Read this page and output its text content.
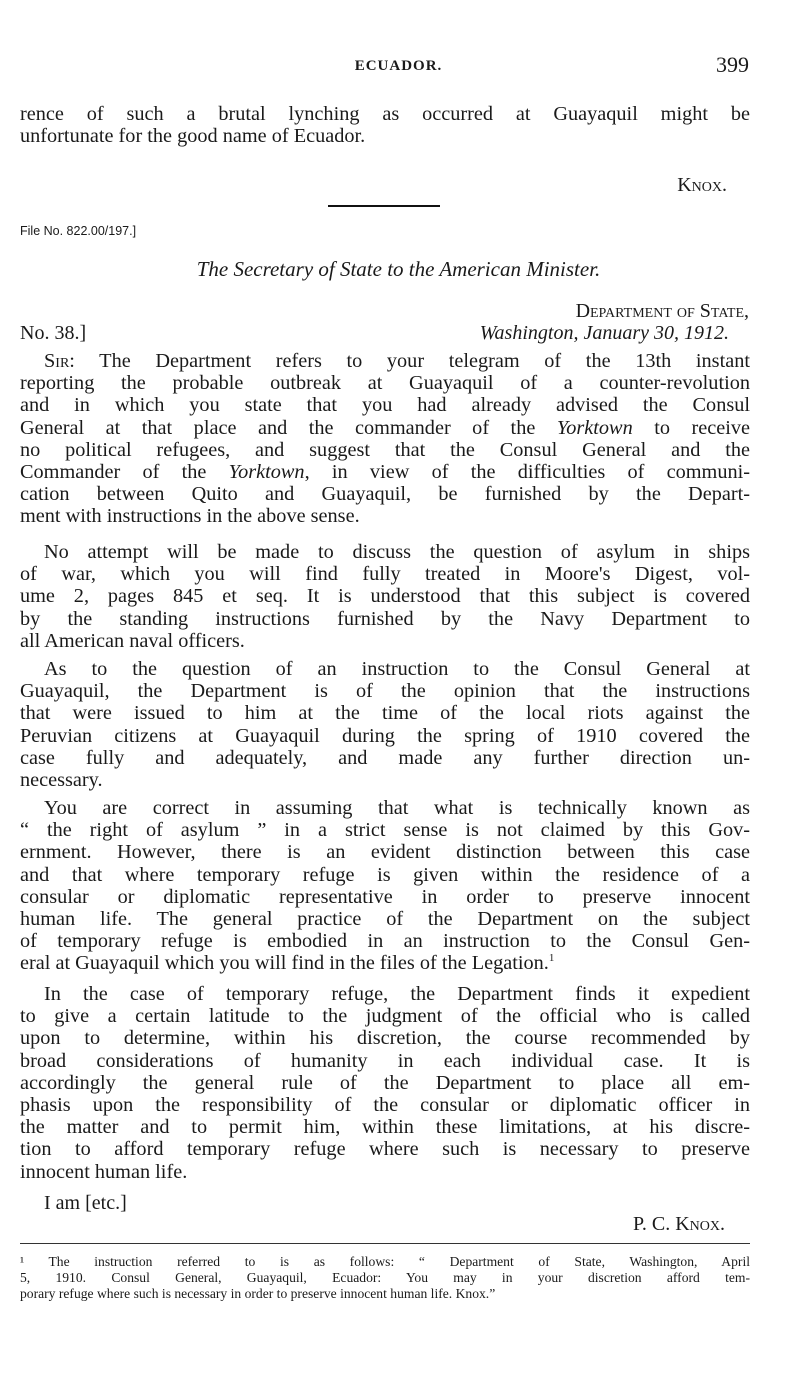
ECUADOR.	399
rence of such a brutal lynching as occurred at Guayaquil might be
unfortunate for the good name of Ecuador.
Knox.
File No. 822.00/197.]
The Secretary of State to the American Minister.
Department of State,
No. 38.]	Washington, January 30, 1912.
Sir: The Department refers to your telegram of the 13th instant
reporting the probable outbreak at Guayaquil of a counter-revolution
and in which you state that you had already advised the Consul
General at that place and the commander of the Yorktown to receive
no political refugees, and suggest that the Consul General and the
Commander of the Yorktown, in view of the difficulties of communi-
cation between Quito and Guayaquil, be furnished by the Depart-
ment with instructions in the above sense.
No attempt will be made to discuss the question of asylum in ships
of war, which you will find fully treated in Moore's Digest, vol-
ume 2, pages 845 et seq. It is understood that this subject is covered
by the standing instructions furnished by the Navy Department to
all American naval officers.
As to the question of an instruction to the Consul General at
Guayaquil, the Department is of the opinion that the instructions
that were issued to him at the time of the local riots against the
Peruvian citizens at Guayaquil during the spring of 1910 covered the
case fully and adequately, and made any further direction un-
necessary.
You are correct in assuming that what is technically known as
“ the right of asylum ” in a strict sense is not claimed by this Gov-
ernment. However, there is an evident distinction between this case
and that where temporary refuge is given within the residence of a
consular or diplomatic representative in order to preserve innocent
human life. The general practice of the Department on the subject
of temporary refuge is embodied in an instruction to the Consul Gen-
eral at Guayaquil which you will find in the files of the Legation.$^1$
In the case of temporary refuge, the Department finds it expedient
to give a certain latitude to the judgment of the official who is called
upon to determine, within his discretion, the course recommended by
broad considerations of humanity in each individual case. It is
accordingly the general rule of the Department to place all em-
phasis upon the responsibility of the consular or diplomatic officer in
the matter and to permit him, within these limitations, at his discre-
tion to afford temporary refuge where such is necessary to preserve
innocent human life.
I am [etc.]
P. C. Knox.
¹ The instruction referred to is as follows: “ Department of State, Washington, April
5, 1910. Consul General, Guayaquil, Ecuador: You may in your discretion afford tem-
porary refuge where such is necessary in order to preserve innocent human life. Knox.”
